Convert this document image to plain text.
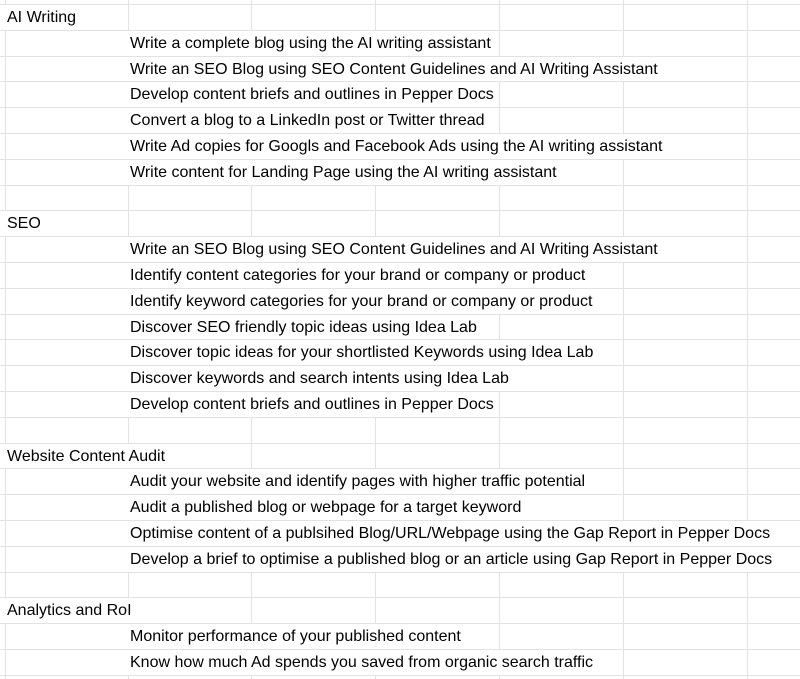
AI Writing
Write a complete blog using the AI writing assistant
Write an SEO Blog using SEO Content Guidelines and AI Writing Assistant
Develop content briefs and outlines in Pepper Docs
Convert a blog to a LinkedIn post or Twitter thread
Write Ad copies for Googls and Facebook Ads using the AI writing assistant
Write content for Landing Page using the AI writing assistant
SEO
Write an SEO Blog using SEO Content Guidelines and AI Writing Assistant
Identify content categories for your brand or company or product
Identify keyword categories for your brand or company or product
Discover SEO friendly topic ideas using Idea Lab
Discover topic ideas for your shortlisted Keywords using Idea Lab
Discover keywords and search intents using Idea Lab
Develop content briefs and outlines in Pepper Docs
Website Content Audit
Audit your website and identify pages with higher traffic potential
Audit a published blog or webpage for a target keyword
Optimise content of a publsihed Blog/URL/Webpage using the Gap Report in Pepper Docs
Develop a brief to optimise a published blog or an article using Gap Report in Pepper Docs
Analytics and RoI
Monitor performance of your published content
Know how much Ad spends you saved from organic search traffic
